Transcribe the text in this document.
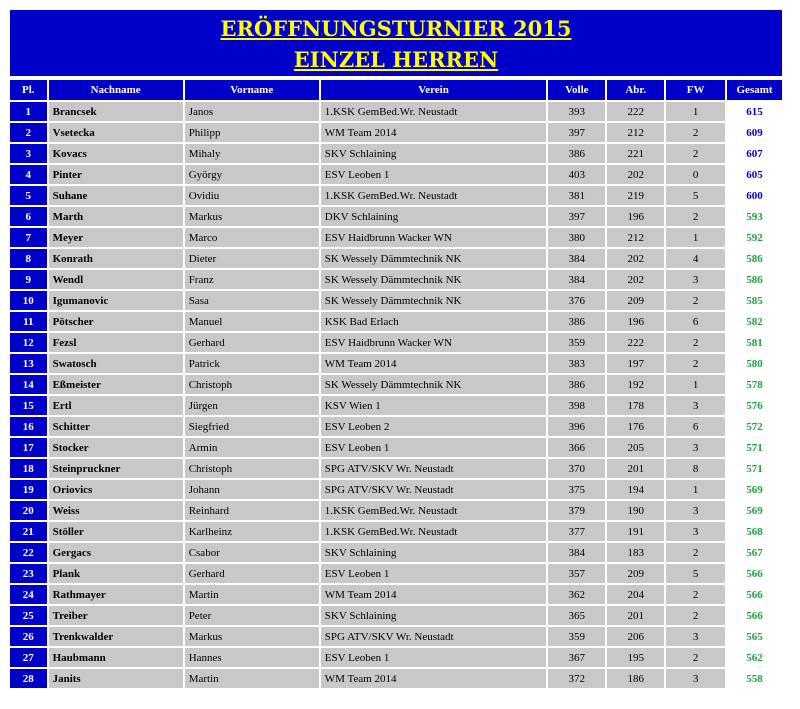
ERÖFFNUNGSTURNIER 2015
EINZEL HERREN
Pl.	Nachname	Vorname	Verein	Volle	Abr.	FW	Gesamt
1	Brancsek	Janos	1.KSK GemBed.Wr. Neustadt	393	222	1	615
2	Vsetecka	Philipp	WM Team 2014	397	212	2	609
3	Kovacs	Mihaly	SKV Schlaining	386	221	2	607
4	Pinter	György	ESV Leoben 1	403	202	0	605
5	Suhane	Ovidiu	1.KSK GemBed.Wr. Neustadt	381	219	5	600
6	Marth	Markus	DKV Schlaining	397	196	2	593
7	Meyer	Marco	ESV Haidbrunn Wacker WN	380	212	1	592
8	Konrath	Dieter	SK Wessely Dämmtechnik NK	384	202	4	586
9	Wendl	Franz	SK Wessely Dämmtechnik NK	384	202	3	586
10	Igumanovic	Sasa	SK Wessely Dämmtechnik NK	376	209	2	585
11	Pötscher	Manuel	KSK Bad Erlach	386	196	6	582
12	Fezsl	Gerhard	ESV Haidbrunn Wacker WN	359	222	2	581
13	Swatosch	Patrick	WM Team 2014	383	197	2	580
14	Eßmeister	Christoph	SK Wessely Dämmtechnik NK	386	192	1	578
15	Ertl	Jürgen	KSV Wien 1	398	178	3	576
16	Schitter	Siegfried	ESV Leoben 2	396	176	6	572
17	Stocker	Armin	ESV Leoben 1	366	205	3	571
18	Steinpruckner	Christoph	SPG ATV/SKV Wr. Neustadt	370	201	8	571
19	Oriovics	Johann	SPG ATV/SKV Wr. Neustadt	375	194	1	569
20	Weiss	Reinhard	1.KSK GemBed.Wr. Neustadt	379	190	3	569
21	Stöller	Karlheinz	1.KSK GemBed.Wr. Neustadt	377	191	3	568
22	Gergacs	Csabor	SKV Schlaining	384	183	2	567
23	Plank	Gerhard	ESV Leoben 1	357	209	5	566
24	Rathmayer	Martin	WM Team 2014	362	204	2	566
25	Treiber	Peter	SKV Schlaining	365	201	2	566
26	Trenkwalder	Markus	SPG ATV/SKV Wr. Neustadt	359	206	3	565
27	Haubmann	Hannes	ESV Leoben 1	367	195	2	562
28	Janits	Martin	WM Team 2014	372	186	3	558
